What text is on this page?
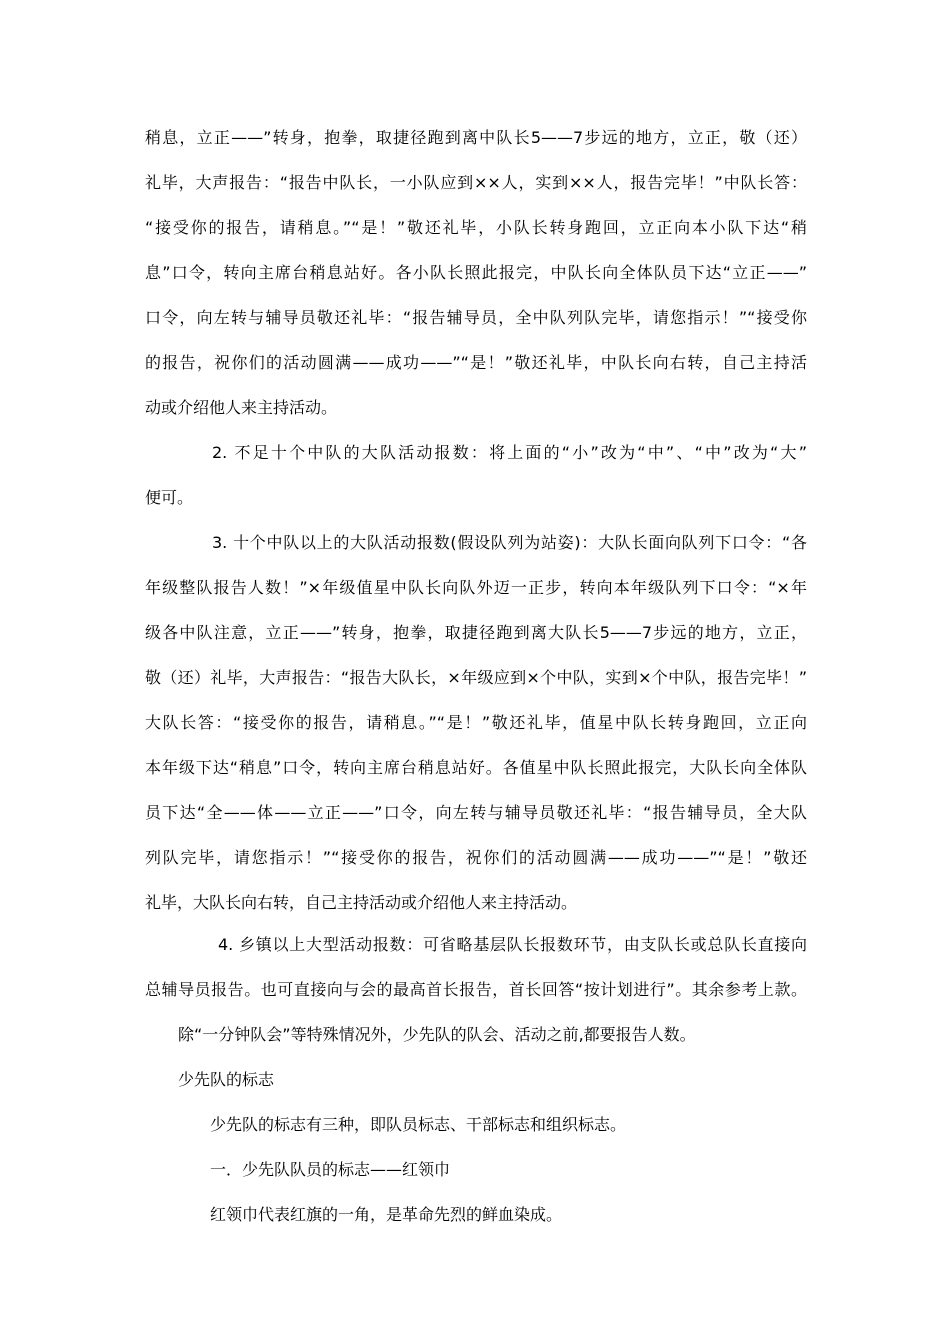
稍息，立正——”转身，抱拳，取捷径跑到离中队长5——7步远的地方，立正，敬（还）

礼毕，大声报告：“报告中队长，一小队应到××人，实到××人，报告完毕！”中队长答：

“接受你的报告，请稍息。”“是！”敬还礼毕，小队长转身跑回，立正向本小队下达“稍

息”口令，转向主席台稍息站好。各小队长照此报完，中队长向全体队员下达“立正——”

口令，向左转与辅导员敬还礼毕：“报告辅导员，全中队列队完毕，请您指示！”“接受你

的报告，祝你们的活动圆满——成功——”“是！”敬还礼毕，中队长向右转，自己主持活

动或介绍他人来主持活动。

2. 不足十个中队的大队活动报数：将上面的“小”改为“中”、“中”改为“大”

便可。

3. 十个中队以上的大队活动报数(假设队列为站姿)：大队长面向队列下口令：“各

年级整队报告人数！”×年级值星中队长向队外迈一正步，转向本年级队列下口令：“×年

级各中队注意，立正——”转身，抱拳，取捷径跑到离大队长5——7步远的地方，立正，

敬（还）礼毕，大声报告：“报告大队长，×年级应到×个中队，实到×个中队，报告完毕！”

大队长答：“接受你的报告，请稍息。”“是！”敬还礼毕，值星中队长转身跑回，立正向

本年级下达“稍息”口令，转向主席台稍息站好。各值星中队长照此报完，大队长向全体队

员下达“全——体——立正——”口令，向左转与辅导员敬还礼毕：“报告辅导员，全大队

列队完毕，请您指示！”“接受你的报告，祝你们的活动圆满——成功——”“是！”敬还

礼毕，大队长向右转，自己主持活动或介绍他人来主持活动。

4. 乡镇以上大型活动报数：可省略基层队长报数环节，由支队长或总队长直接向

总辅导员报告。也可直接向与会的最高首长报告，首长回答“按计划进行”。其余参考上款。

除“一分钟队会”等特殊情况外，少先队的队会、活动之前,都要报告人数。

少先队的标志

少先队的标志有三种，即队员标志、干部标志和组织标志。

一．少先队队员的标志——红领巾

红领巾代表红旗的一角，是革命先烈的鲜血染成。
